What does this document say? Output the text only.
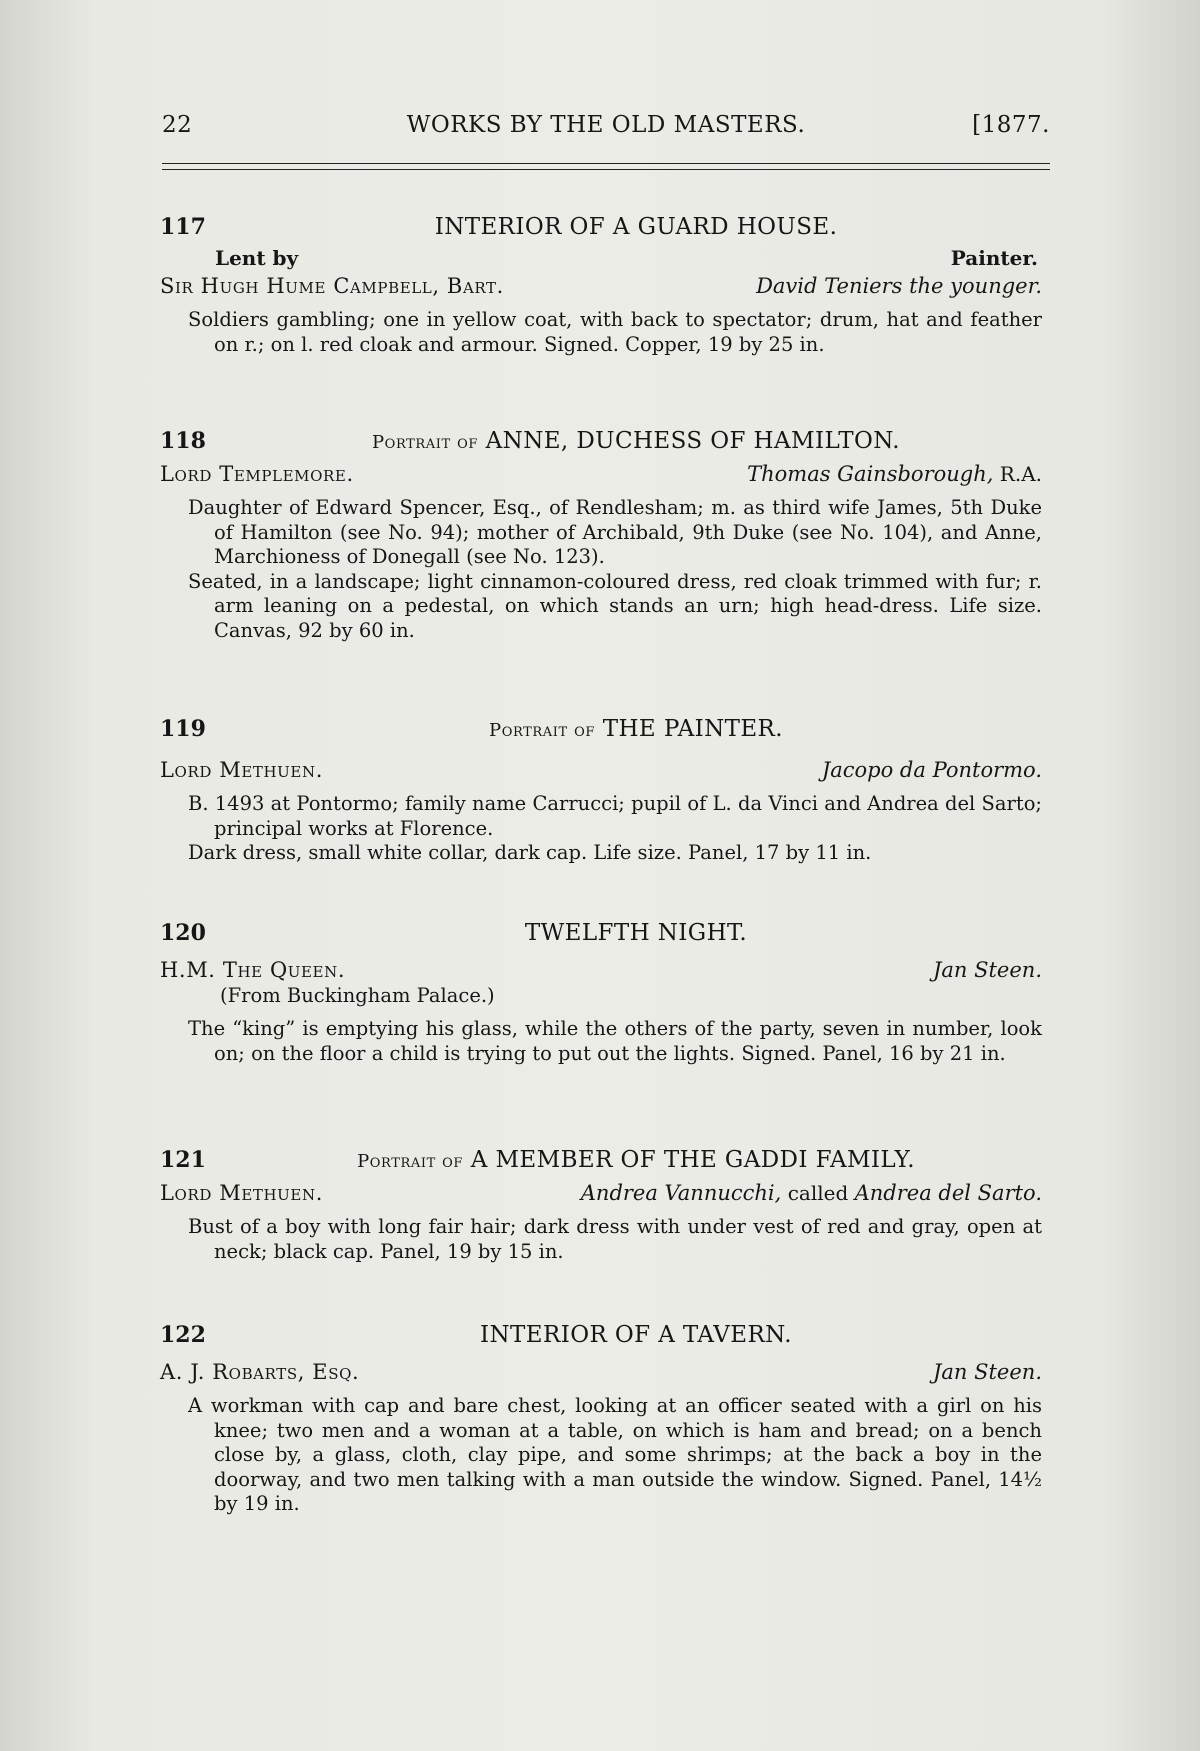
22	WORKS BY THE OLD MASTERS.	[1877.
117	INTERIOR OF A GUARD HOUSE.
Lent by	Painter.
Sir Hugh Hume Campbell, Bart.	David Teniers the younger.

Soldiers gambling; one in yellow coat, with back to spectator; drum, hat and feather on r.; on l. red cloak and armour. Signed. Copper, 19 by 25 in.

118	Portrait of ANNE, DUCHESS OF HAMILTON.
Lord Templemore.	Thomas Gainsborough, R.A.

Daughter of Edward Spencer, Esq., of Rendlesham; m. as third wife James, 5th Duke of Hamilton (see No. 94); mother of Archibald, 9th Duke (see No. 104), and Anne, Marchioness of Donegall (see No. 123).

Seated, in a landscape; light cinnamon-coloured dress, red cloak trimmed with fur; r. arm leaning on a pedestal, on which stands an urn; high head-dress. Life size. Canvas, 92 by 60 in.

119	Portrait of THE PAINTER.
Lord Methuen.	Jacopo da Pontormo.

B. 1493 at Pontormo; family name Carrucci; pupil of L. da Vinci and Andrea del Sarto; principal works at Florence.

Dark dress, small white collar, dark cap. Life size. Panel, 17 by 11 in.

120	TWELFTH NIGHT.
H.M. The Queen.	Jan Steen.
(From Buckingham Palace.)

The “king” is emptying his glass, while the others of the party, seven in number, look on; on the floor a child is trying to put out the lights. Signed. Panel, 16 by 21 in.

121	Portrait of A MEMBER OF THE GADDI FAMILY.
Lord Methuen.	Andrea Vannucchi, called Andrea del Sarto.

Bust of a boy with long fair hair; dark dress with under vest of red and gray, open at neck; black cap. Panel, 19 by 15 in.

122	INTERIOR OF A TAVERN.
A. J. Robarts, Esq.	Jan Steen.

A workman with cap and bare chest, looking at an officer seated with a girl on his knee; two men and a woman at a table, on which is ham and bread; on a bench close by, a glass, cloth, clay pipe, and some shrimps; at the back a boy in the doorway, and two men talking with a man outside the window. Signed. Panel, 14½ by 19 in.
